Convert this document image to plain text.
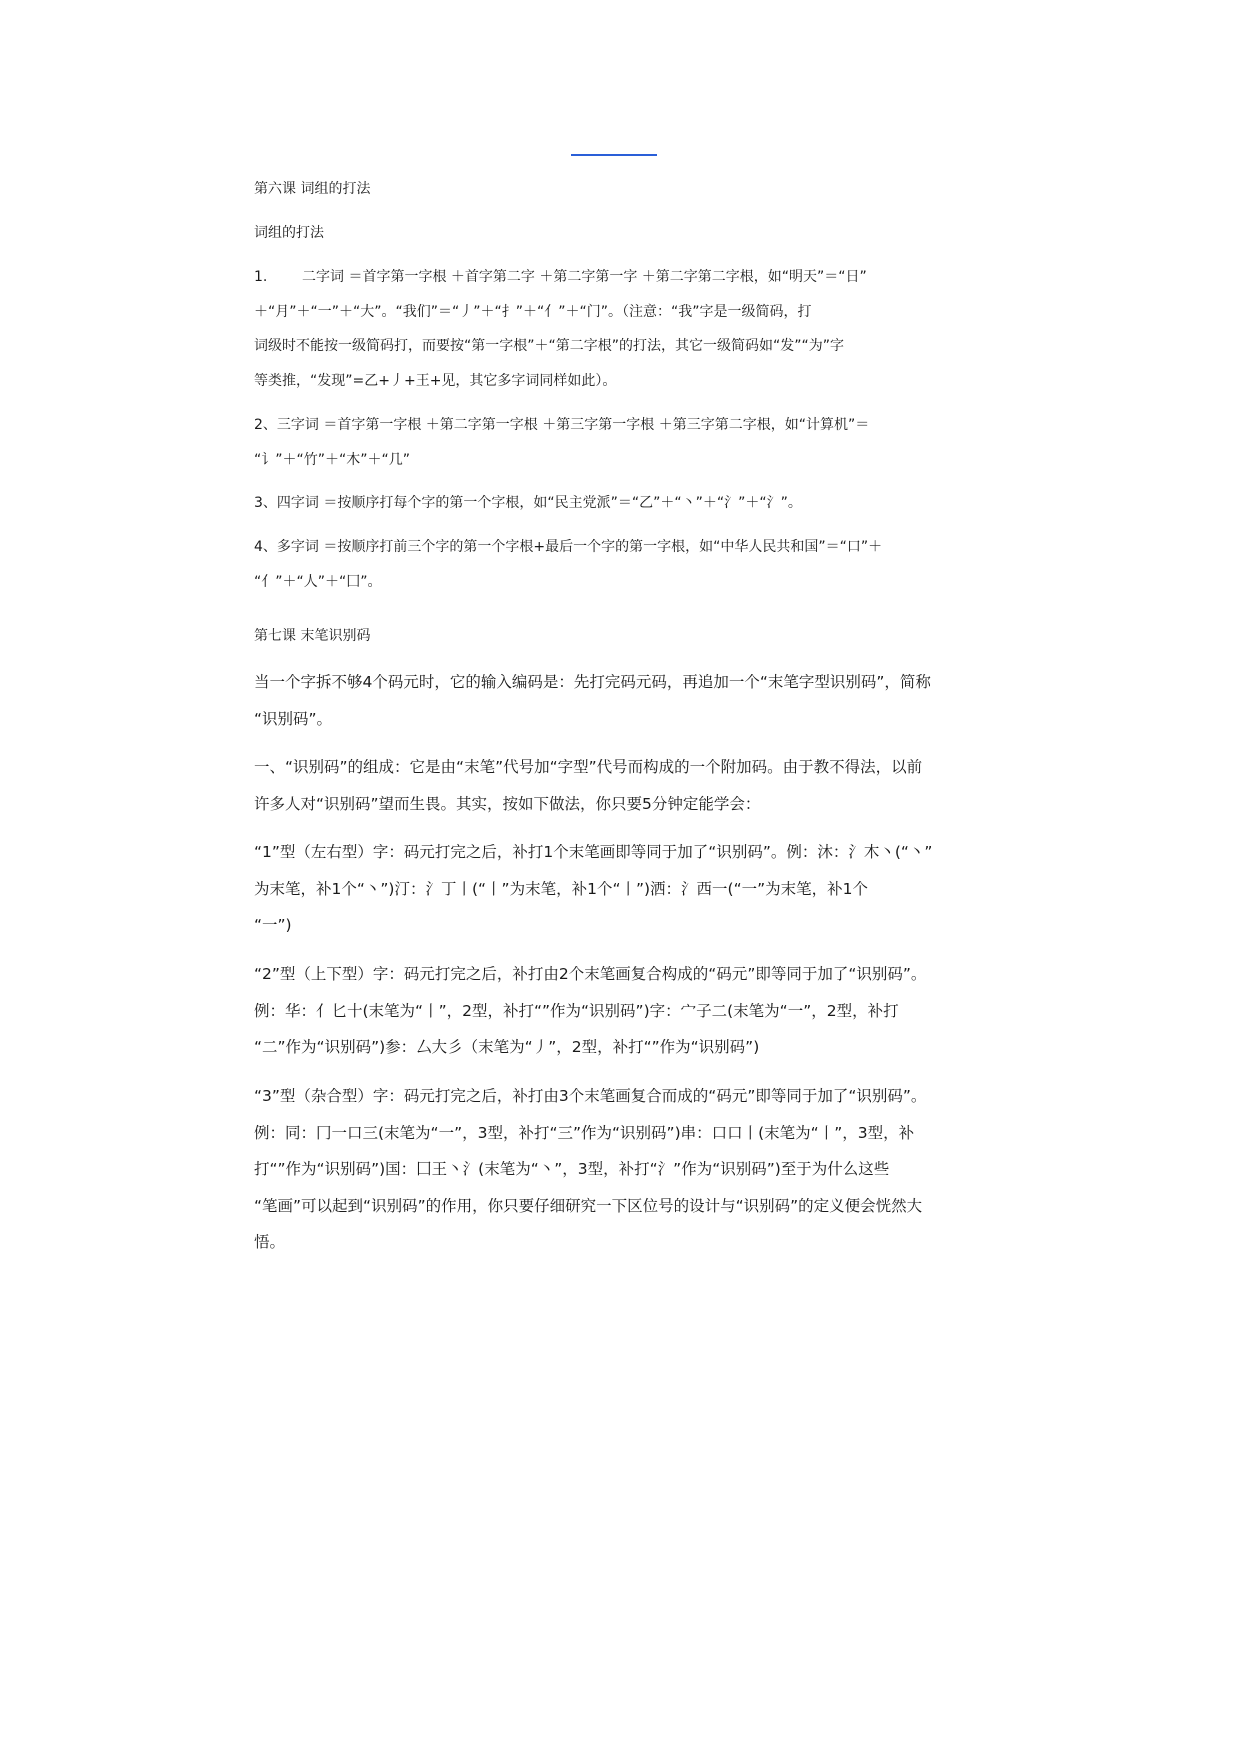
第六课 词组的打法
词组的打法
1. 二字词 ＝首字第一字根 ＋首字第二字 ＋第二字第一字 ＋第二字第二字根，如“明天”＝“日”
＋“月”＋“一”＋“大”。“我们”＝“丿”＋“扌”＋“亻”＋“门”。（注意：“我”字是一级简码，打
词级时不能按一级简码打，而要按“第一字根”＋“第二字根”的打法，其它一级简码如“发”“为”字
等类推，“发现”=乙+丿+王+见，其它多字词同样如此）。
2、三字词 ＝首字第一字根 ＋第二字第一字根 ＋第三字第一字根 ＋第三字第二字根，如“计算机”＝
“讠”＋“竹”＋“木”＋“几”
3、四字词 ＝按顺序打每个字的第一个字根，如“民主党派”＝“乙”＋“丶”＋“氵”＋“氵”。
4、多字词 ＝按顺序打前三个字的第一个字根+最后一个字的第一字根，如“中华人民共和国”＝“口”＋
“亻”＋“人”＋“囗”。
第七课 末笔识别码
当一个字拆不够4个码元时，它的输入编码是：先打完码元码，再追加一个“末笔字型识别码”，简称
“识别码”。
一、“识别码”的组成：它是由“末笔”代号加“字型”代号而构成的一个附加码。由于教不得法，以前
许多人对“识别码”望而生畏。其实，按如下做法，你只要5分钟定能学会：
“1”型（左右型）字：码元打完之后，补打1个末笔画即等同于加了“识别码”。例：沐：氵木丶(“丶”
为末笔，补1个“丶”)汀：氵丁丨(“丨”为末笔，补1个“丨”)洒：氵西一(“一”为末笔，补1个
“一”)
“2”型（上下型）字：码元打完之后，补打由2个末笔画复合构成的“码元”即等同于加了“识别码”。
例：华：亻匕十(末笔为“丨”，2型，补打“”作为“识别码”)字：宀子二(末笔为“一”，2型，补打
“二”作为“识别码”)参：厶大彡（末笔为“丿”，2型，补打“”作为“识别码”)
“3”型（杂合型）字：码元打完之后，补打由3个末笔画复合而成的“码元”即等同于加了“识别码”。
例：同：冂一口三(末笔为“一”，3型，补打“三”作为“识别码”)串：口口丨(末笔为“丨”，3型，补
打“”作为“识别码”)国：囗王丶氵(末笔为“丶”，3型，补打“氵”作为“识别码”)至于为什么这些
“笔画”可以起到“识别码”的作用，你只要仔细研究一下区位号的设计与“识别码”的定义便会恍然大
悟。
